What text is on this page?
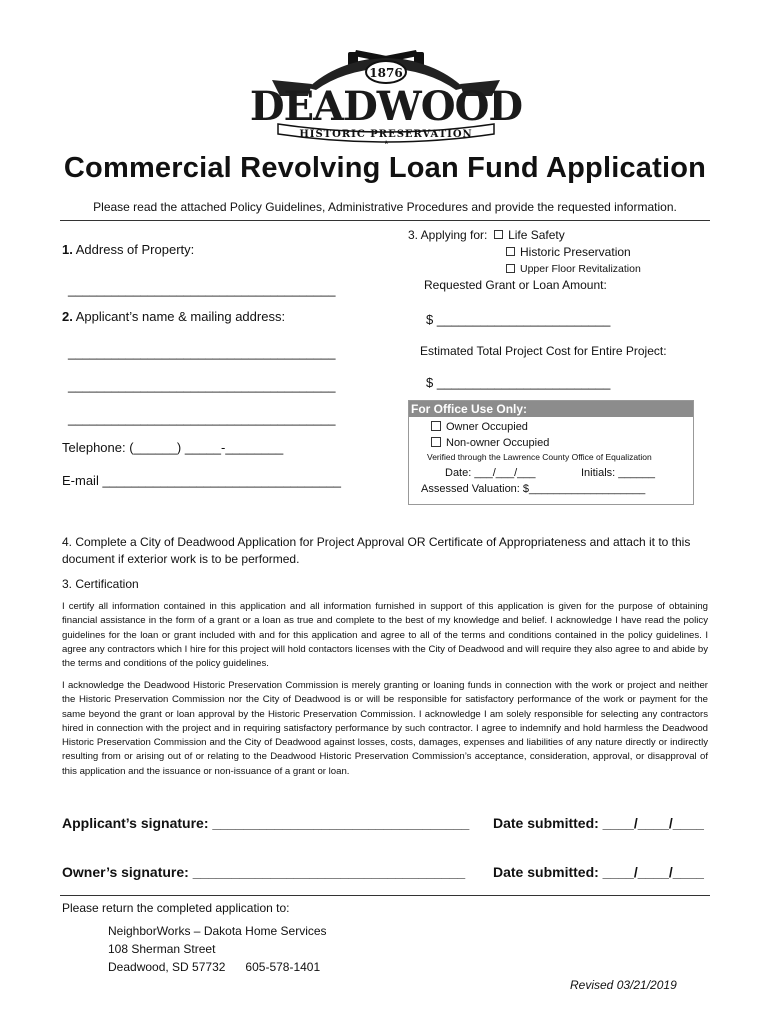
1876
DEADWOOD
HISTORIC PRESERVATION
Commercial Revolving Loan Fund Application
Please read the attached Policy Guidelines, Administrative Procedures and provide the requested information.
1. Address of Property:
_____________________________________
2. Applicant’s name & mailing address:
_____________________________________
_____________________________________
_____________________________________
Telephone: (______) _____-________
E-mail _________________________________
3. Applying for: Life Safety
Historic Preservation
Upper Floor Revitalization
Requested Grant or Loan Amount:
$ ________________________
Estimated Total Project Cost for Entire Project:
$ ________________________
For Office Use Only:
Owner Occupied
Non-owner Occupied
Verified through the Lawrence County Office of Equalization
Date: ___/___/___	Initials: ______
Assessed Valuation: $___________________
4. Complete a City of Deadwood Application for Project Approval OR Certificate of Appropriateness and attach it to this document if exterior work is to be performed.
3. Certification
I certify all information contained in this application and all information furnished in support of this application is given for the purpose of obtaining financial assistance in the form of a grant or a loan as true and complete to the best of my knowledge and belief. I acknowledge I have read the policy guidelines for the loan or grant included with and for this application and agree to all of the terms and conditions contained in the policy guidelines. I agree any contractors which I hire for this project will hold contactors licenses with the City of Deadwood and will require they also agree to and abide by the terms and conditions of the policy guidelines.
I acknowledge the Deadwood Historic Preservation Commission is merely granting or loaning funds in connection with the work or project and neither the Historic Preservation Commission nor the City of Deadwood is or will be responsible for satisfactory performance of the work or payment for the same beyond the grant or loan approval by the Historic Preservation Commission. I acknowledge I am solely responsible for selecting any contractors hired in connection with the project and in requiring satisfactory performance by such contractor. I agree to indemnify and hold harmless the Deadwood Historic Preservation Commission and the City of Deadwood against losses, costs, damages, expenses and liabilities of any nature directly or indirectly resulting from or arising out of or relating to the Deadwood Historic Preservation Commission’s acceptance, consideration, approval, or disapproval of this application and the issuance or non-issuance of a grant or loan.
Applicant’s signature: _________________________________ Date submitted: ____/____/____
Owner’s signature: ___________________________________ Date submitted: ____/____/____
Please return the completed application to:
NeighborWorks – Dakota Home Services
108 Sherman Street
Deadwood, SD 57732      605-578-1401
Revised 03/21/2019
